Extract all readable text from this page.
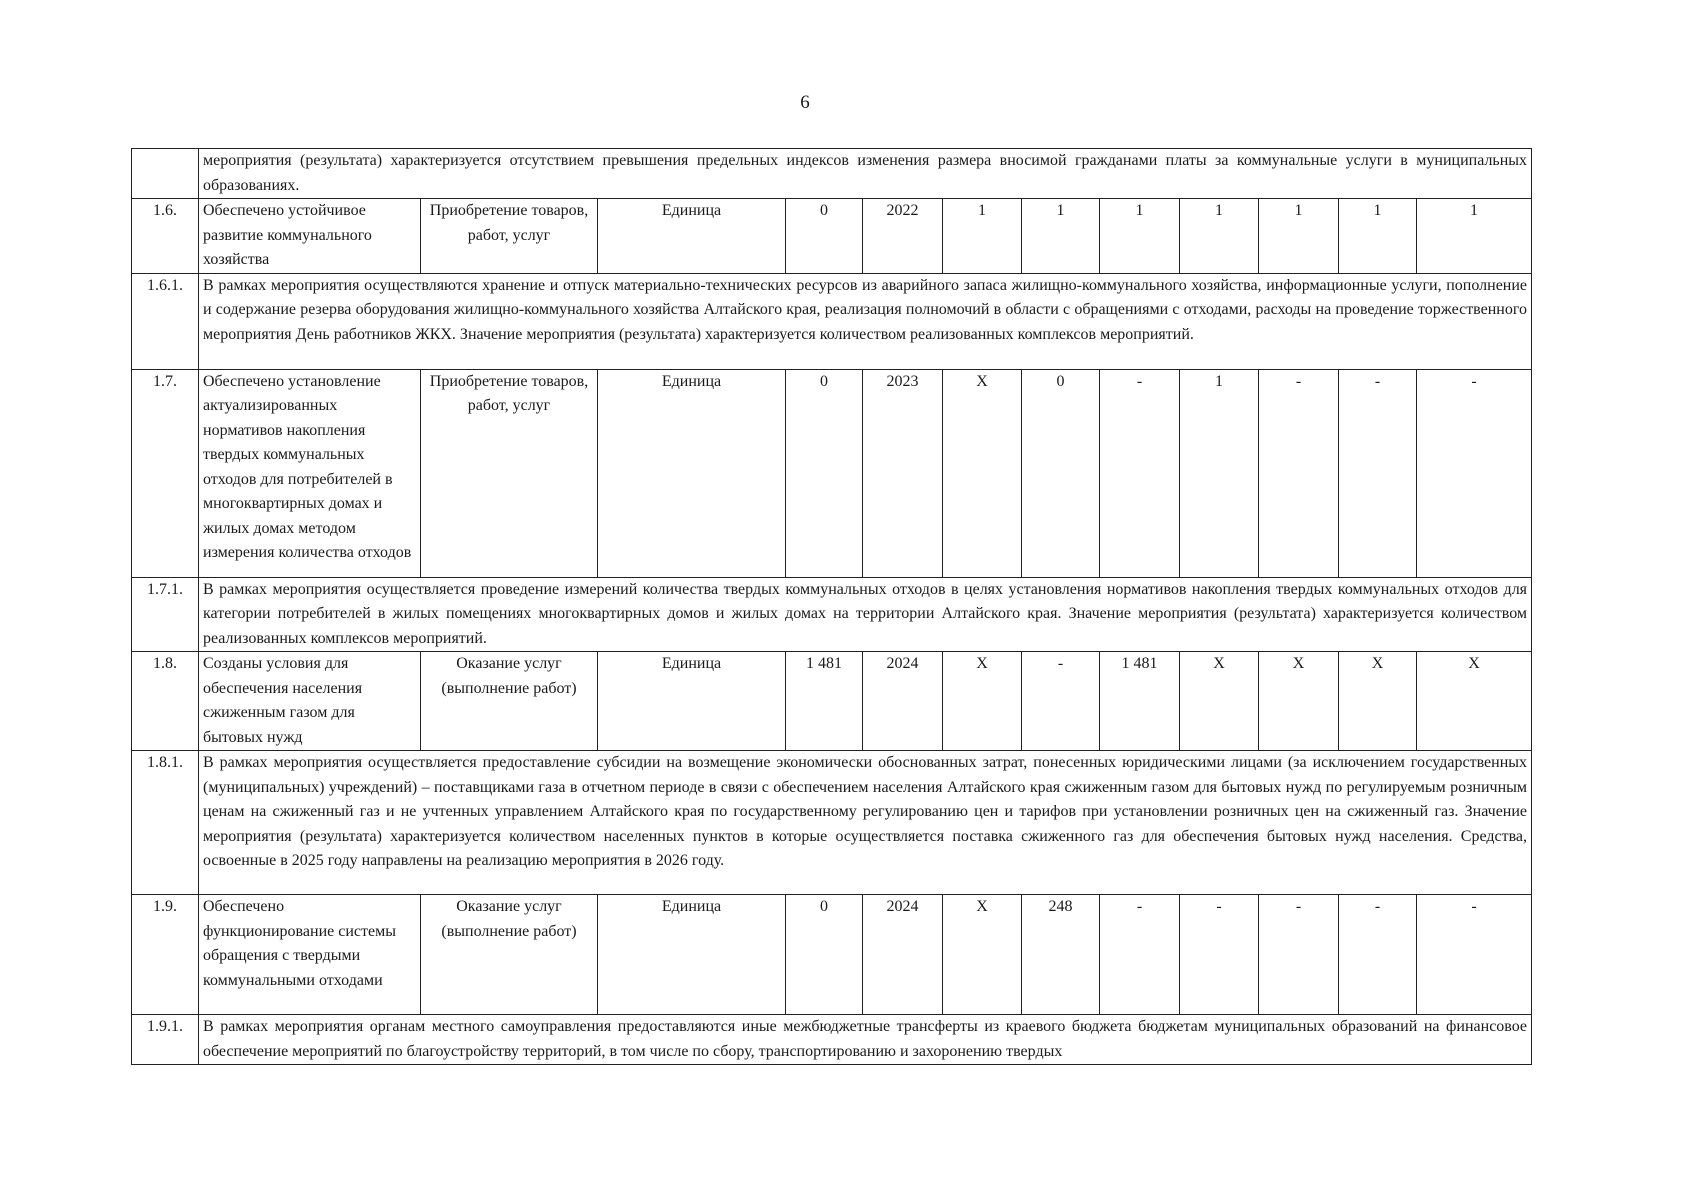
6
	мероприятия (результата) характеризуется отсутствием превышения предельных индексов изменения размера вносимой гражданами платы за коммунальные услуги в муниципальных образованиях.											
1.6.	Обеспечено устойчивое развитие коммунального хозяйства	Приобретение товаров, работ, услуг	Единица	0	2022	1	1	1	1	1	1	1
1.6.1.	В рамках мероприятия осуществляются хранение и отпуск материально-технических ресурсов из аварийного запаса жилищно-коммунального хозяйства, информационные услуги, пополнение и содержание резерва оборудования жилищно-коммунального хозяйства Алтайского края, реализация полномочий в области с обращениями с отходами, расходы на проведение торжественного мероприятия День работников ЖКХ. Значение мероприятия (результата) характеризуется количеством реализованных комплексов мероприятий.											
1.7.	Обеспечено установление актуализированных нормативов накопления твердых коммунальных отходов для потребителей в многоквартирных домах и жилых домах методом измерения количества отходов	Приобретение товаров, работ, услуг	Единица	0	2023	Х	0	-	1	-	-	-
1.7.1.	В рамках мероприятия осуществляется проведение измерений количества твердых коммунальных отходов в целях установления нормативов накопления твердых коммунальных отходов для категории потребителей в жилых помещениях многоквартирных домов и жилых домах на территории Алтайского края. Значение мероприятия (результата) характеризуется количеством реализованных комплексов мероприятий.											
1.8.	Созданы условия для обеспечения населения сжиженным газом для бытовых нужд	Оказание услуг (выполнение работ)	Единица	1 481	2024	Х	-	1 481	Х	Х	Х	Х
1.8.1.	В рамках мероприятия осуществляется предоставление субсидии на возмещение экономически обоснованных затрат, понесенных юридическими лицами (за исключением государственных (муниципальных) учреждений) – поставщиками газа в отчетном периоде в связи с обеспечением населения Алтайского края сжиженным газом для бытовых нужд по регулируемым розничным ценам на сжиженный газ и не учтенных управлением Алтайского края по государственному регулированию цен и тарифов при установлении розничных цен на сжиженный газ. Значение мероприятия (результата) характеризуется количеством населенных пунктов в которые осуществляется поставка сжиженного газ для обеспечения бытовых нужд населения. Средства, освоенные в 2025 году направлены на реализацию мероприятия в 2026 году.											
1.9.	Обеспечено функционирование системы обращения с твердыми коммунальными отходами	Оказание услуг (выполнение работ)	Единица	0	2024	Х	248	-	-	-	-	-
1.9.1.	В рамках мероприятия органам местного самоуправления предоставляются иные межбюджетные трансферты из краевого бюджета бюджетам муниципальных образований на финансовое обеспечение мероприятий по благоустройству территорий, в том числе по сбору, транспортированию и захоронению твердых											
